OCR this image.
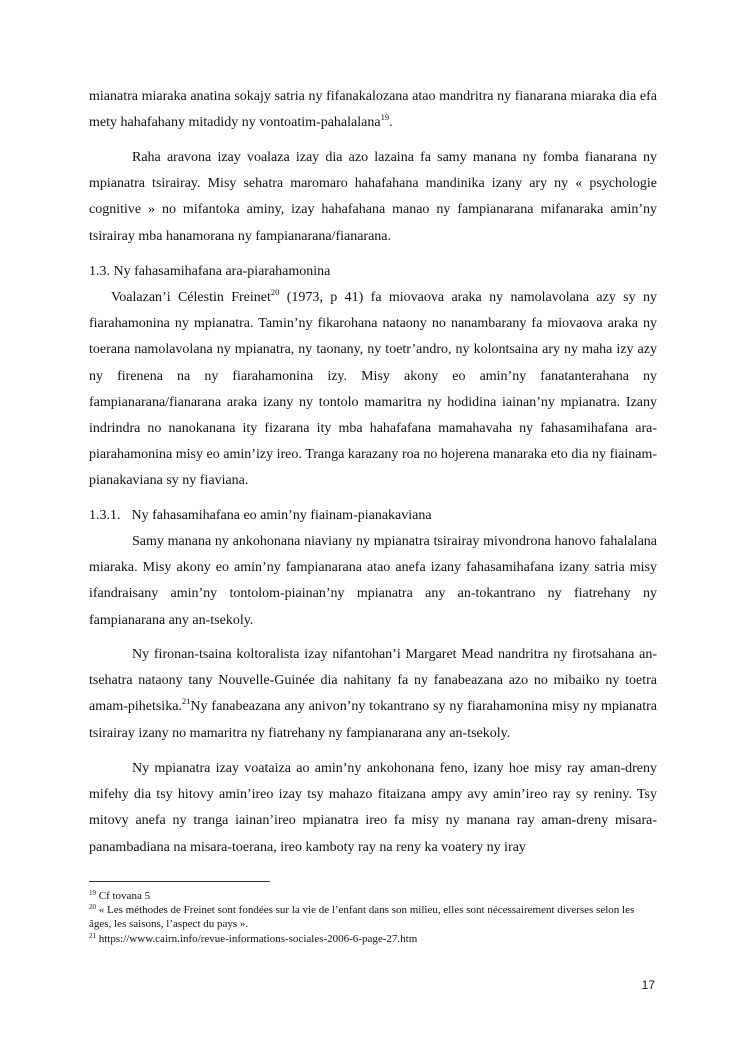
mianatra miaraka anatina sokajy satria ny fifanakalozana atao mandritra ny fianarana miaraka dia efa mety hahafahany mitadidy ny vontoatim-pahalalana$^{19}$.

Raha aravona izay voalaza izay dia azo lazaina fa samy manana ny fomba fianarana ny mpianatra tsirairay. Misy sehatra maromaro hahafahana mandinika izany ary ny « psychologie cognitive » no mifantoka aminy, izay hahafahana manao ny fampianarana mifanaraka amin’ny tsirairay mba hanamorana ny fampianarana/fianarana.

1.3. Ny fahasamihafana ara-piarahamonina

Voalazan’i Célestin Freinet$^{20}$ (1973, p 41) fa miovaova araka ny namolavolana azy sy ny fiarahamonina ny mpianatra. Tamin’ny fikarohana nataony no nanambarany fa miovaova araka ny toerana namolavolana ny mpianatra, ny taonany, ny toetr’andro, ny kolontsaina ary ny maha izy azy ny firenena na ny fiarahamonina izy. Misy akony eo amin’ny fanatanterahana ny fampianarana/fianarana araka izany ny tontolo mamaritra ny hodidina iainan’ny mpianatra. Izany indrindra no nanokanana ity fizarana ity mba hahafafana mamahavaha ny fahasamihafana ara-piarahamonina misy eo amin’izy ireo. Tranga karazany roa no hojerena manaraka eto dia ny fiainam-pianakaviana sy ny fiaviana.

1.3.1. Ny fahasamihafana eo amin’ny fiainam-pianakaviana

Samy manana ny ankohonana niaviany ny mpianatra tsirairay mivondrona hanovo fahalalana miaraka. Misy akony eo amin’ny fampianarana atao anefa izany fahasamihafana izany satria misy ifandraisany amin’ny tontolom-piainan’ny mpianatra any an-tokantrano ny fiatrehany ny fampianarana any an-tsekoly.

Ny fironan-tsaina koltoralista izay nifantohan’i Margaret Mead nandritra ny firotsahana an-tsehatra nataony tany Nouvelle-Guinée dia nahitany fa ny fanabeazana azo no mibaiko ny toetra amam-pihetsika.$^{21}$Ny fanabeazana any anivon’ny tokantrano sy ny fiarahamonina misy ny mpianatra tsirairay izany no mamaritra ny fiatrehany ny fampianarana any an-tsekoly.

Ny mpianatra izay voataiza ao amin’ny ankohonana feno, izany hoe misy ray aman-dreny mifehy dia tsy hitovy amin’ireo izay tsy mahazo fitaizana ampy avy amin’ireo ray sy reniny. Tsy mitovy anefa ny tranga iainan’ireo mpianatra ireo fa misy ny manana ray aman-dreny misara-panambadiana na misara-toerana, ireo kamboty ray na reny ka voatery ny iray

$^{19}$ Cf tovana 5

$^{20}$ « Les méthodes de Freinet sont fondées sur la vie de l’enfant dans son milieu, elles sont nécessairement diverses selon les âges, les saisons, l’aspect du pays ».

$^{21}$ https://www.cairn.info/revue-informations-sociales-2006-6-page-27.htm

17
